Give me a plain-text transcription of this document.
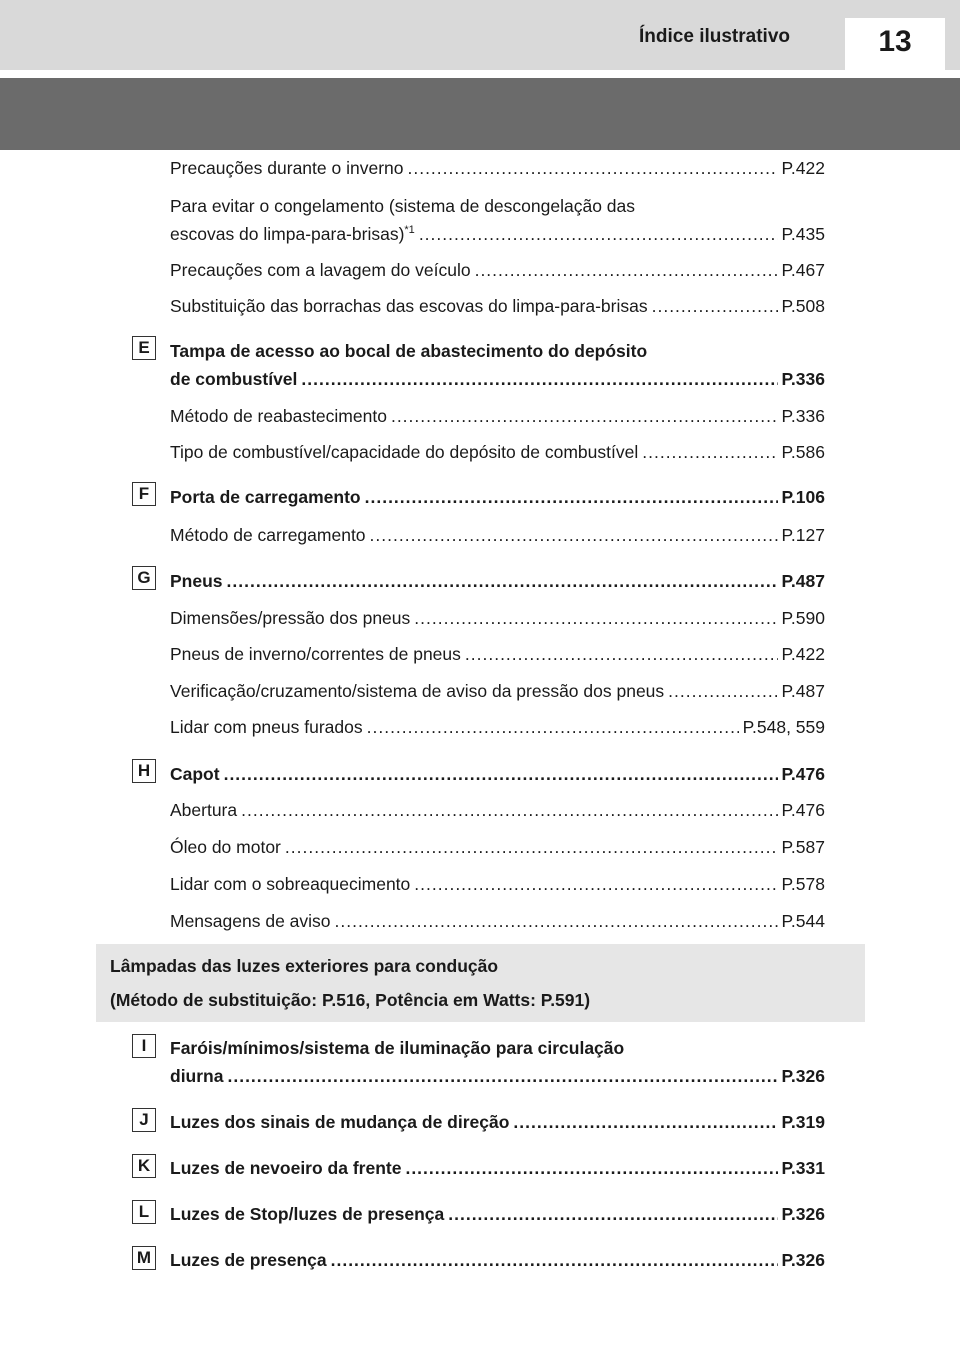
Índice ilustrativo	13
Precauções durante o inverno .....	P.422
Para evitar o congelamento (sistema de descongelação das
escovas do limpa-para-brisas)$^{*1}$ .....	P.435
Precauções com a lavagem do veículo .....	P.467
Substituição das borrachas das escovas do limpa-para-brisas .....	P.508
E	Tampa de acesso ao bocal de abastecimento do depósito
de combustível .....	P.336
Método de reabastecimento .....	P.336
Tipo de combustível/capacidade do depósito de combustível .....	P.586
F	Porta de carregamento .....	P.106
Método de carregamento .....	P.127
G	Pneus .....	P.487
Dimensões/pressão dos pneus .....	P.590
Pneus de inverno/correntes de pneus .....	P.422
Verificação/cruzamento/sistema de aviso da pressão dos pneus .....	P.487
Lidar com pneus furados .....	P.548, 559
H	Capot .....	P.476
Abertura .....	P.476
Óleo do motor .....	P.587
Lidar com o sobreaquecimento .....	P.578
Mensagens de aviso .....	P.544
Lâmpadas das luzes exteriores para condução
(Método de substituição: P.516, Potência em Watts: P.591)
I	Faróis/mínimos/sistema de iluminação para circulação
diurna .....	P.326
J	Luzes dos sinais de mudança de direção .....	P.319
K	Luzes de nevoeiro da frente .....	P.331
L	Luzes de Stop/luzes de presença .....	P.326
M Luzes de presença .....	P.326
